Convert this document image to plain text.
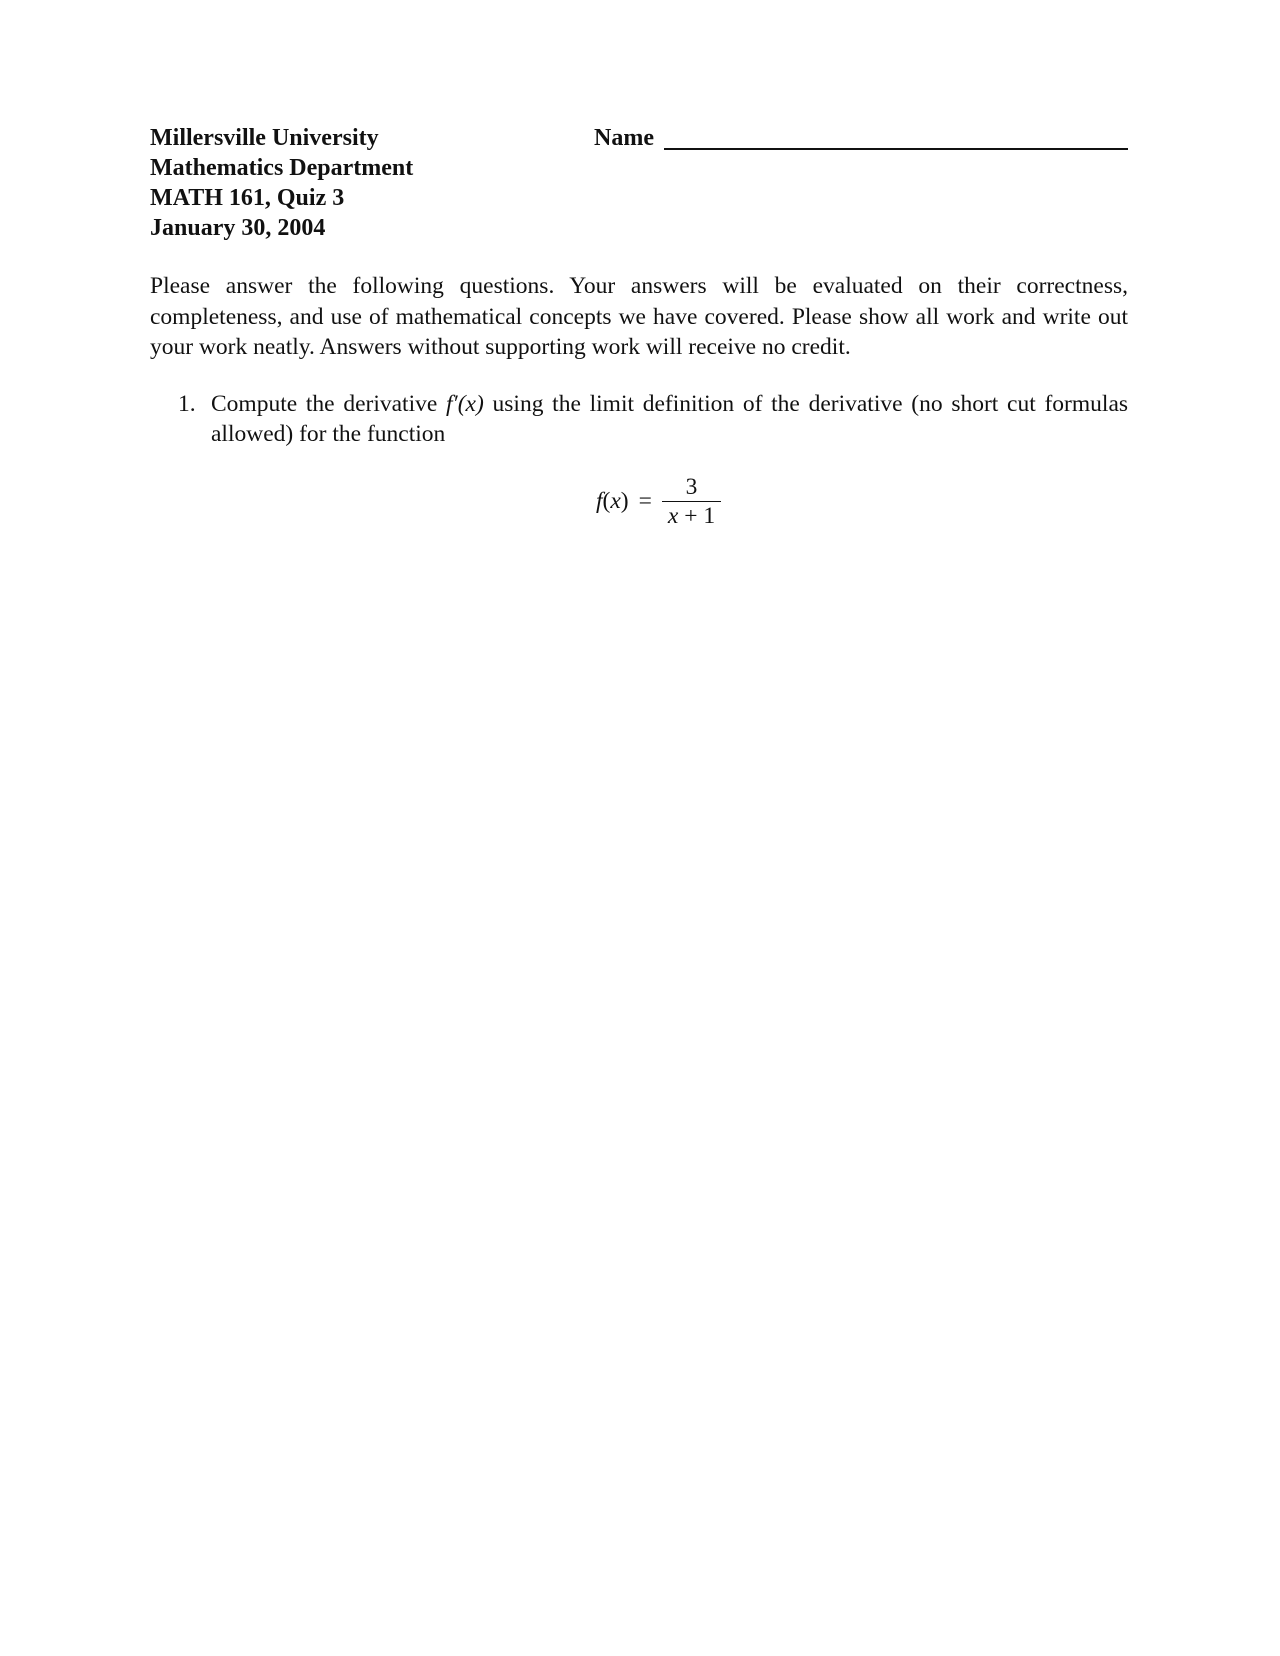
Millersville University
Mathematics Department
MATH 161, Quiz 3
January 30, 2004
Name
Please answer the following questions. Your answers will be evaluated on their correctness, completeness, and use of mathematical concepts we have covered. Please show all work and write out your work neatly. Answers without supporting work will receive no credit.
1. Compute the derivative f′(x) using the limit definition of the derivative (no short cut formulas allowed) for the function
$f(x) = \frac{3}{x + 1}$
